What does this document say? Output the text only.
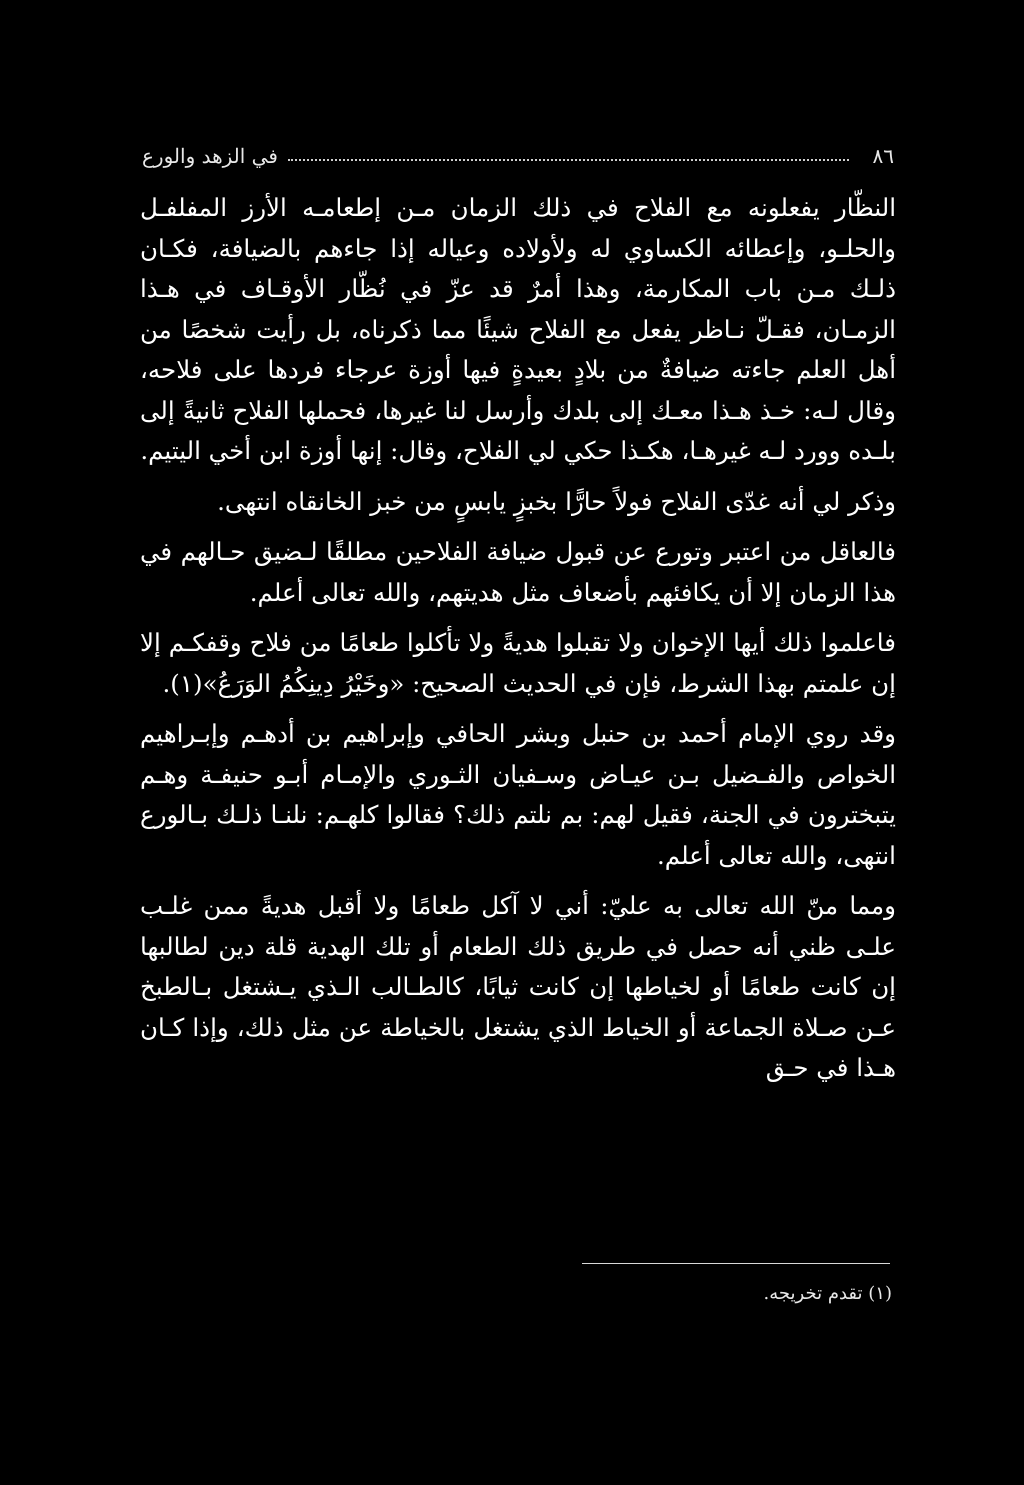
٨٦
في الزهد والورع

النظّار يفعلونه مع الفلاح في ذلك الزمان مـن إطعامـه الأرز المفلفـل والحلـو، وإعطائه الكساوي له ولأولاده وعياله إذا جاءهم بالضيافة، فكـان ذلـك مـن باب المكارمة، وهذا أمرٌ قد عزّ في نُظّار الأوقـاف في هـذا الزمـان، فقـلّ نـاظر يفعل مع الفلاح شيئًا مما ذكرناه، بل رأيت شخصًا من أهل العلم جاءته ضيافةٌ من بلادٍ بعيدةٍ فيها أوزة عرجاء فردها على فلاحه، وقال لـه: خـذ هـذا معـك إلى بلدك وأرسل لنا غيرها، فحملها الفلاح ثانيةً إلى بلـده وورد لـه غيرهـا، هكـذا حكي لي الفلاح، وقال: إنها أوزة ابن أخي اليتيم.

وذكر لي أنه غدّى الفلاح فولاً حارًّا بخبزٍ يابسٍ من خبز الخانقاه انتهى.

فالعاقل من اعتبر وتورع عن قبول ضيافة الفلاحين مطلقًا لـضيق حـالهم في هذا الزمان إلا أن يكافئهم بأضعاف مثل هديتهم، والله تعالى أعلم.

فاعلموا ذلك أيها الإخوان ولا تقبلوا هديةً ولا تأكلوا طعامًا من فلاح وقفكـم إلا إن علمتم بهذا الشرط، فإن في الحديث الصحيح: «وخَيْرُ دِينِكُمُ الوَرَعُ»(١).

وقد روي الإمام أحمد بن حنبل وبشر الحافي وإبراهيم بن أدهـم وإبـراهيم الخواص والفـضيل بـن عيـاض وسـفيان الثـوري والإمـام أبـو حنيفـة وهـم يتبخترون في الجنة، فقيل لهم: بم نلتم ذلك؟ فقالوا كلهـم: نلنـا ذلـك بـالورع انتهى، والله تعالى أعلم.

ومما منّ الله تعالى به عليّ: أني لا آكل طعامًا ولا أقبل هديةً ممن غلـب علـى ظني أنه حصل في طريق ذلك الطعام أو تلك الهدية قلة دين لطالبها إن كانت طعامًا أو لخياطها إن كانت ثيابًا، كالطـالب الـذي يـشتغل بـالطبخ عـن صـلاة الجماعة أو الخياط الذي يشتغل بالخياطة عن مثل ذلك، وإذا كـان هـذا في حـق

(١) تقدم تخريجه.
